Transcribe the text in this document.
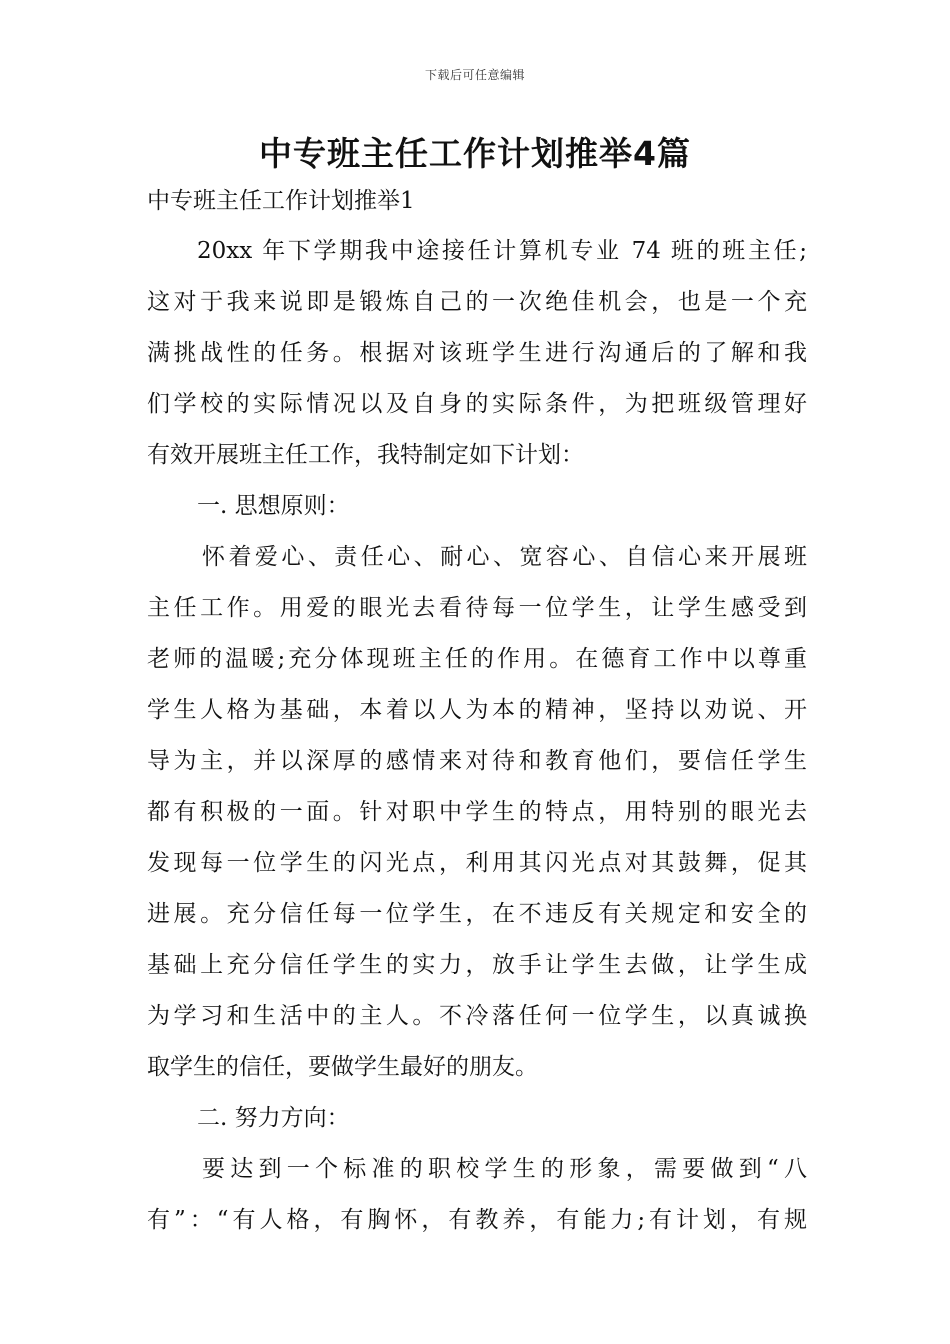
下载后可任意编辑
中专班主任工作计划推举4篇
中专班主任工作计划推举1
20xx 年下学期我中途接任计算机专业 74 班的班主任;
这对于我来说即是锻炼自己的一次绝佳机会，也是一个充
满挑战性的任务。根据对该班学生进行沟通后的了解和我
们学校的实际情况以及自身的实际条件，为把班级管理好
有效开展班主任工作，我特制定如下计划：
一. 思想原则：
怀着爱心、责任心、耐心、宽容心、自信心来开展班
主任工作。用爱的眼光去看待每一位学生，让学生感受到
老师的温暖;充分体现班主任的作用。在德育工作中以尊重
学生人格为基础，本着以人为本的精神，坚持以劝说、开
导为主，并以深厚的感情来对待和教育他们，要信任学生
都有积极的一面。针对职中学生的特点，用特别的眼光去
发现每一位学生的闪光点，利用其闪光点对其鼓舞，促其
进展。充分信任每一位学生，在不违反有关规定和安全的
基础上充分信任学生的实力，放手让学生去做，让学生成
为学习和生活中的主人。不冷落任何一位学生，以真诚换
取学生的信任，要做学生最好的朋友。
二. 努力方向：
要达到一个标准的职校学生的形象，需要做到“八
有”：“有人格，有胸怀，有教养，有能力;有计划，有规
